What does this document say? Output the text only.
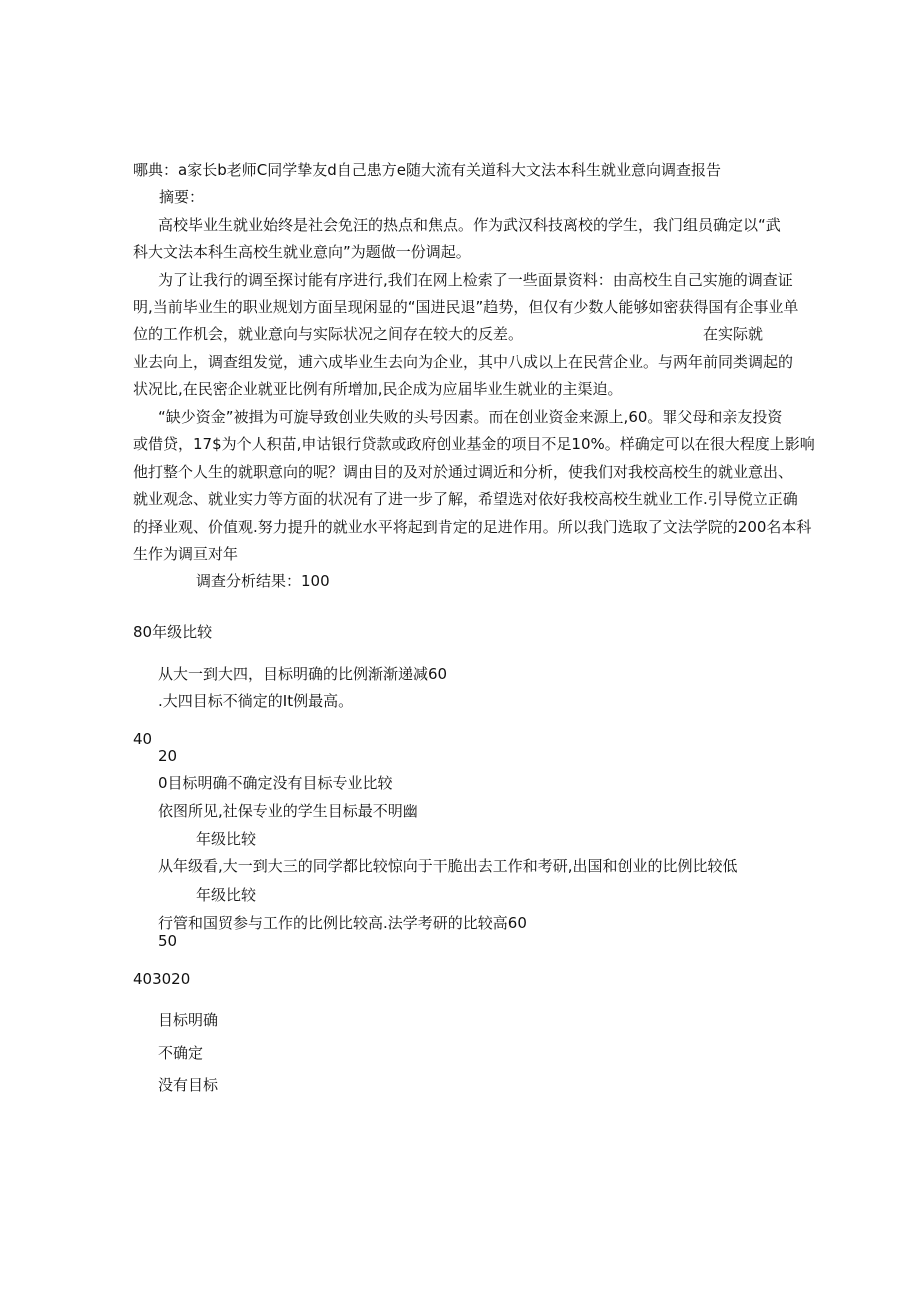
哪典：a家长b老师C同学挚友d自己患方e随大流有关道科大文法本科生就业意向调查报告
摘要：
高校毕业生就业始终是社会免汪的热点和焦点。作为武汉科技离校的学生，我门组员确定以“武
科大文法本科生高校生就业意向”为题做一份调起。
为了让我行的调至探讨能有序进行,我们在网上检索了一些面景资料：由高校生自己实施的调查证
明,当前毕业生的职业规划方面呈现闲显的“国进民退”趋势，但仅有少数人能够如密获得国有企事业单
位的工作机会，就业意向与实际状况之间存在较大的反差。	在实际就
业去向上，调查组发觉，逋六成毕业生去向为企业，其中八成以上在民营企业。与两年前同类调起的
状况比,在民密企业就亚比例有所增加,民企成为应届毕业生就业的主渠迫。
“缺少资金”被揖为可旋导致创业失败的头号因素。而在创业资金来源上,60。罪父母和亲友投资
或借贷，17$为个人积苗,申诂银行贷款或政府创业基金的项目不足10%。样确定可以在很大程度上影响
他打整个人生的就职意向的呢？调由目的及对於通过调近和分析，使我们对我校高校生的就业意出、
就业观念、就业实力等方面的状况有了进一步了解，希望选对依好我校高校生就业工作.引导傥立正确
的择业观、价值观.努力提升的就业水平将起到肯定的足进作用。所以我门选取了文法学院的200名本科
生作为调亘对年
调查分析结果：100
80年级比较
从大一到大四，目标明确的比例渐渐递减60
.大四目标不徜定的It例最高。
40
20
0目标明确不确定没有目标专业比较
依图所见,社保专业的学生目标最不明幽
年级比较
从年级看,大一到大三的同学都比较惊向于干脆出去工作和考研,出国和创业的比例比较低
年级比较
行管和国贸参与工作的比例比较高.法学考研的比较高60
50
403020
目标明确
不确定
没有目标
